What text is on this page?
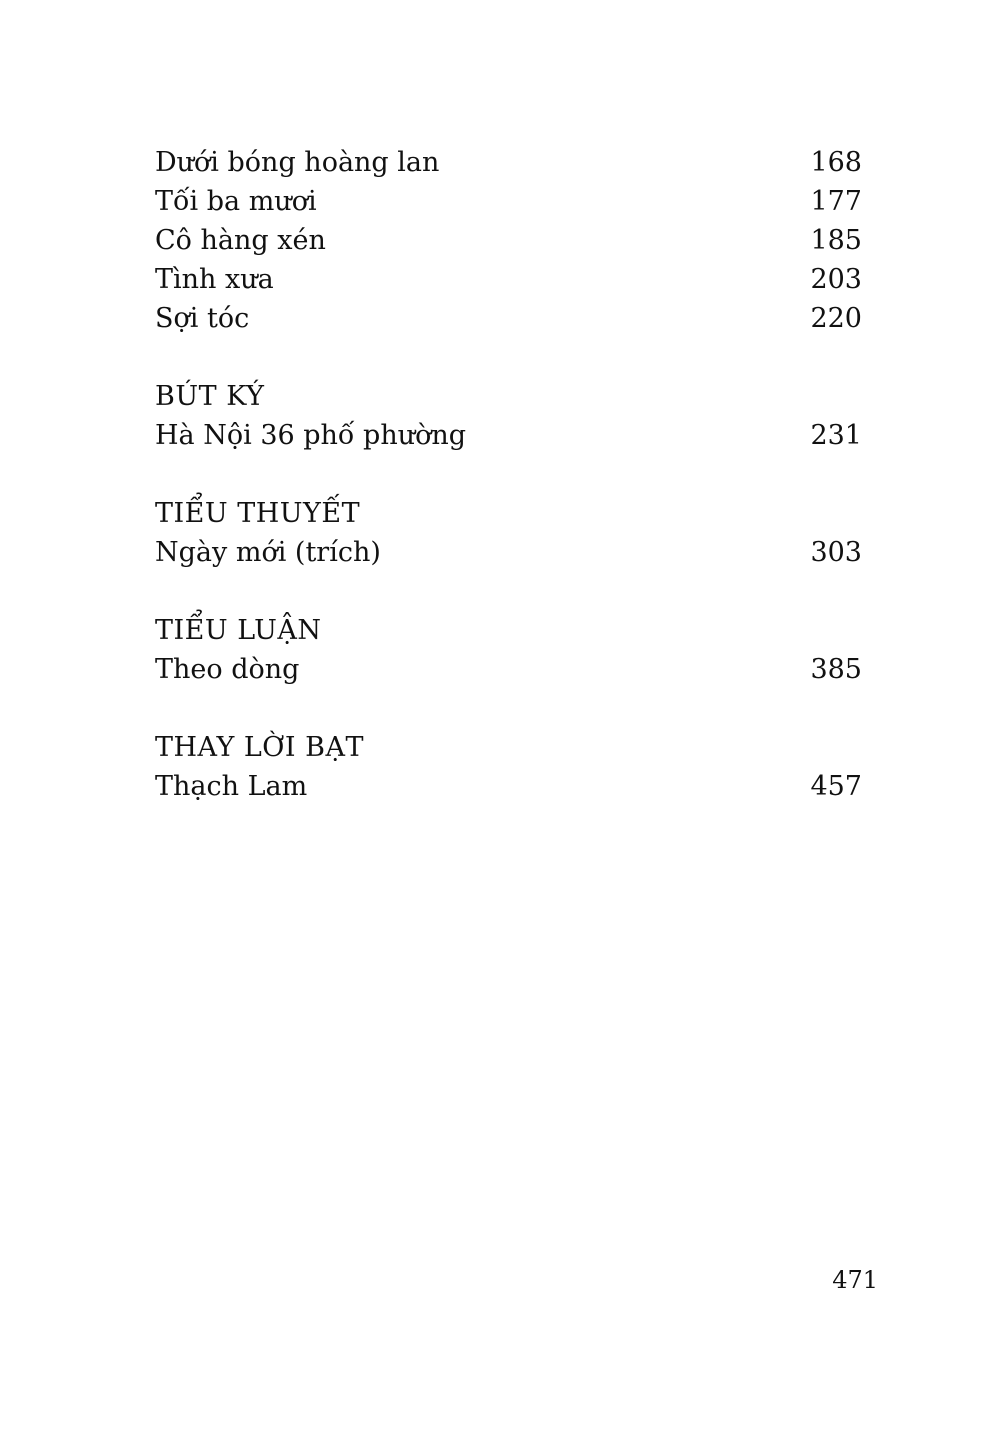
Dưới bóng hoàng lan	168
Tối ba mươi	177
Cô hàng xén	185
Tình xưa	203
Sợi tóc	220
BÚT KÝ
Hà Nội 36 phố phường	231
TIỂU THUYẾT
Ngày mới (trích)	303
TIỂU LUẬN
Theo dòng	385
THAY LỜI BẠT
Thạch Lam	457
471
